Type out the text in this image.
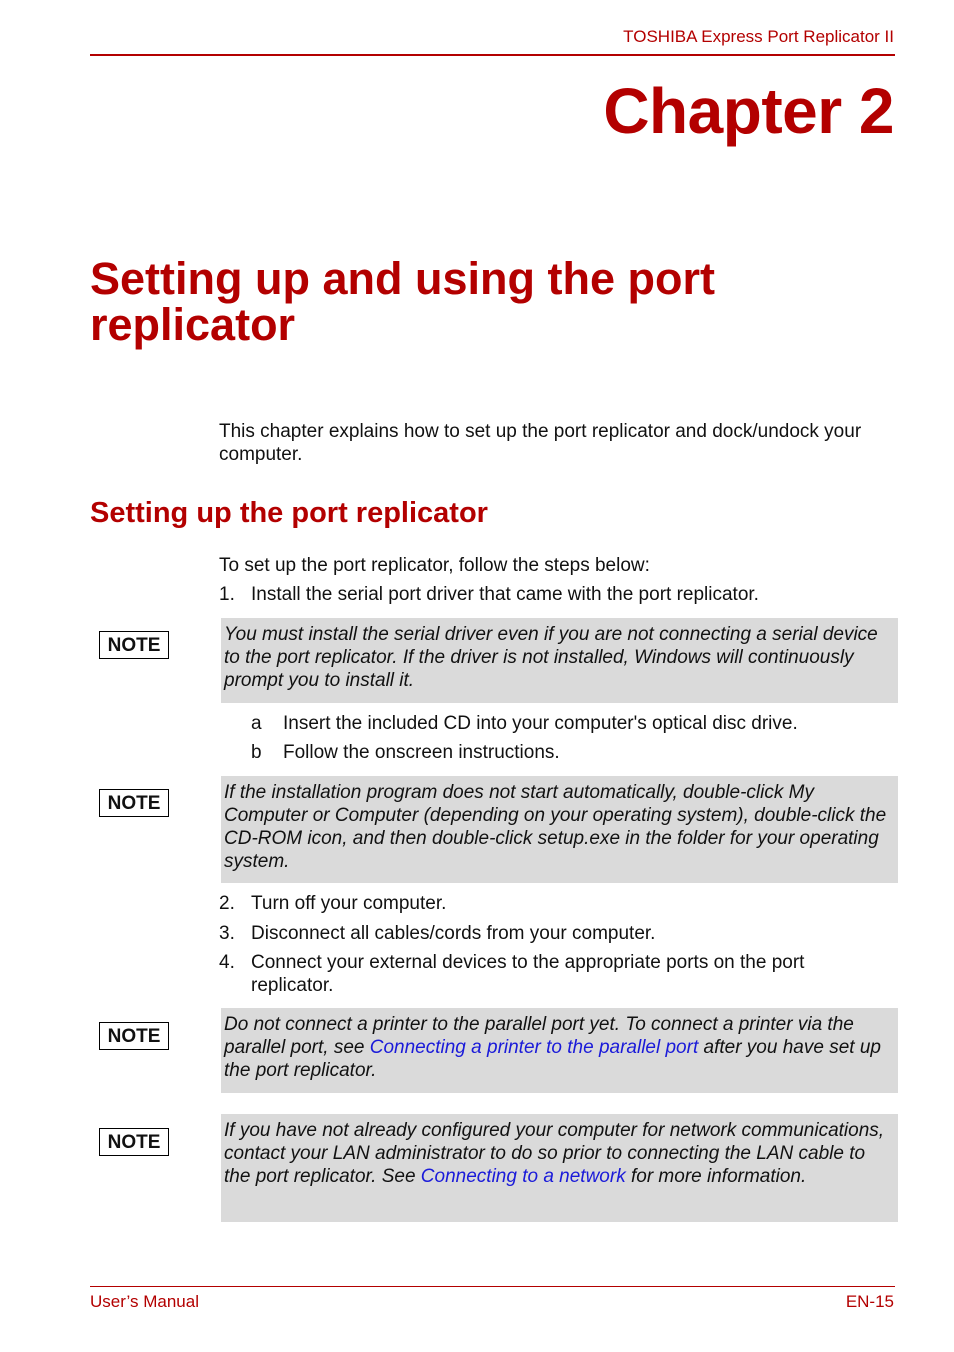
TOSHIBA Express Port Replicator II
Chapter 2
Setting up and using the port replicator

This chapter explains how to set up the port replicator and dock/undock your computer.

Setting up the port replicator

To set up the port replicator, follow the steps below:

1. Install the serial port driver that came with the port replicator.
NOTE
You must install the serial driver even if you are not connecting a serial device to the port replicator. If the driver is not installed, Windows will continuously prompt you to install it.
a Insert the included CD into your computer's optical disc drive.
b Follow the onscreen instructions.
NOTE
If the installation program does not start automatically, double-click My Computer or Computer (depending on your operating system), double-click the CD-ROM icon, and then double-click setup.exe in the folder for your operating system.
2. Turn off your computer.
3. Disconnect all cables/cords from your computer.
4. Connect your external devices to the appropriate ports on the port replicator.
NOTE
Do not connect a printer to the parallel port yet. To connect a printer via the parallel port, see Connecting a printer to the parallel port after you have set up the port replicator.
NOTE
If you have not already configured your computer for network communications, contact your LAN administrator to do so prior to connecting the LAN cable to the port replicator. See Connecting to a network for more information.
User’s Manual	EN-15
